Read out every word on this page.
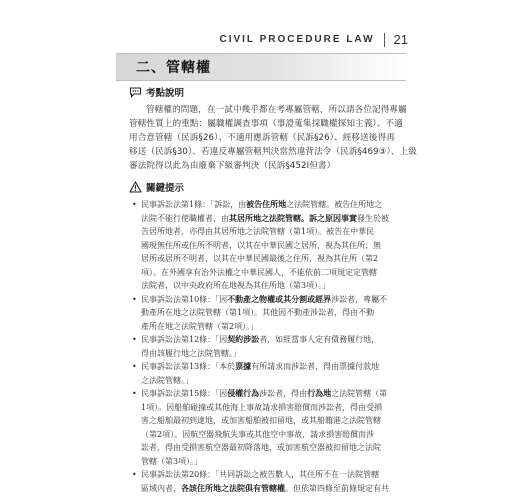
CIVIL PROCEDURE LAW 21
二、管轄權
考點說明
管轄權的問題，在一試中幾乎都在考專屬管轄，所以請各位記得專屬
管轄性質上的重點：屬職權調查事項（事證蒐集採職權探知主義）、不適
用合意管轄（民訴§26）、不適用應訴管轄（民訴§26）、經移送後得再
移送（民訴§30）、若違反專屬管轄判決當然違背法令（民訴§469③）、上級
審法院得以此為由廢棄下級審判決（民訴§452Ⅰ但書）
關鍵提示
• 民事訴訟法第1條：「訴訟，由被告住所地之法院管轄。被告住所地之
法院不能行使職權者，由其居所地之法院管轄。訴之原因事實發生於被
告居所地者，亦得由其居所地之法院管轄（第1項）。被告在中華民
國現無住所或住所不明者，以其在中華民國之居所，視為其住所；無
居所或居所不明者，以其在中華民國最後之住所，視為其住所（第2
項）。在外國享有治外法權之中華民國人，不能依前二項規定定管轄
法院者，以中央政府所在地視為其住所地（第3項）。」
• 民事訴訟法第10條：「因不動產之物權或其分割或經界涉訟者，專屬不
動產所在地之法院管轄（第1項）。其他因不動產涉訟者，得由不動
產所在地之法院管轄（第2項）。」
• 民事訴訟法第12條：「因契約涉訟者，如經當事人定有債務履行地，
得由該履行地之法院管轄。」
• 民事訴訟法第13條：「本於票據有所請求而涉訟者，得由票據付款地
之法院管轄。」
• 民事訴訟法第15條：「因侵權行為涉訟者，得由行為地之法院管轄（第
1項）。因船舶碰撞或其他海上事故請求損害賠償而涉訟者，得由受損
害之船舶最初到達地，或加害船舶被扣留地，或其船籍港之法院管轄
（第2項）。因航空器飛航失事或其他空中事故，請求損害賠償而涉
訟者，得由受損害航空器最初降落地，或加害航空器被扣留地之法院
管轄（第3項）。」
• 民事訴訟法第20條：「共同訴訟之被告數人，其住所不在一法院管轄
區域內者，各該住所地之法院俱有管轄權。但依第四條至前條規定有共
